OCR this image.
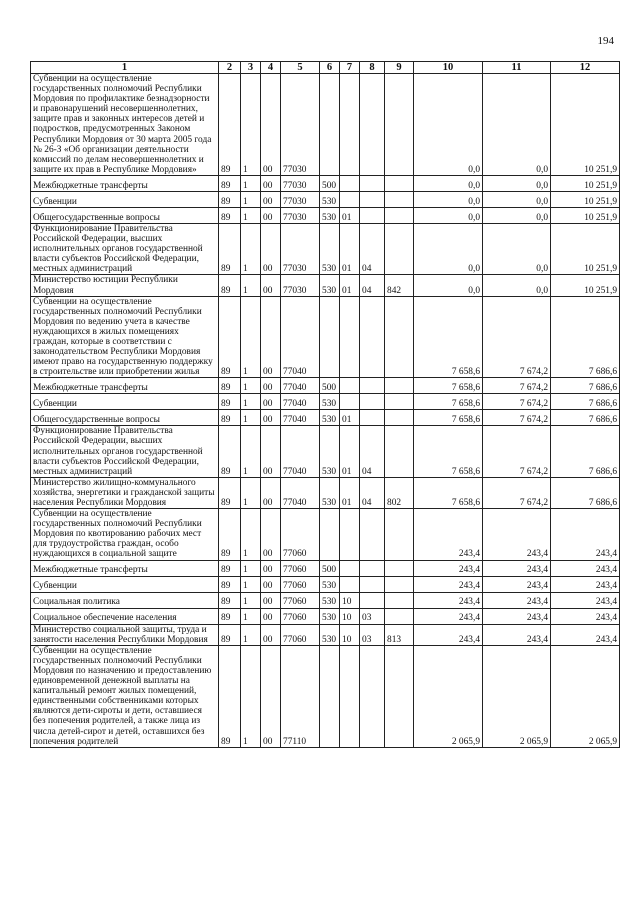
194
1	2	3	4	5	6	7	8	9	10	11	12
Субвенции на осуществление государственных полномочий Республики Мордовия по профилактике безнадзорности и правонарушений несовершеннолетних, защите прав и законных интересов детей и подростков, предусмотренных Законом Республики Мордовия от 30 марта 2005 года № 26-З «Об организации деятельности комиссий по делам несовершеннолетних и защите их прав в Республике Мордовия»	89	1	00	77030					0,0	0,0	10 251,9
Межбюджетные трансферты	89	1	00	77030	500				0,0	0,0	10 251,9
Субвенции	89	1	00	77030	530				0,0	0,0	10 251,9
Общегосударственные вопросы	89	1	00	77030	530	01			0,0	0,0	10 251,9
Функционирование Правительства Российской Федерации, высших исполнительных органов государственной власти субъектов Российской Федерации, местных администраций	89	1	00	77030	530	01	04		0,0	0,0	10 251,9
Министерство юстиции Республики Мордовия	89	1	00	77030	530	01	04	842	0,0	0,0	10 251,9
Субвенции на осуществление государственных полномочий Республики Мордовия по ведению учета в качестве нуждающихся в жилых помещениях граждан, которые в соответствии с законодательством Республики Мордовия имеют право на государственную поддержку в строительстве или приобретении жилья	89	1	00	77040					7 658,6	7 674,2	7 686,6
Межбюджетные трансферты	89	1	00	77040	500				7 658,6	7 674,2	7 686,6
Субвенции	89	1	00	77040	530				7 658,6	7 674,2	7 686,6
Общегосударственные вопросы	89	1	00	77040	530	01			7 658,6	7 674,2	7 686,6
Функционирование Правительства Российской Федерации, высших исполнительных органов государственной власти субъектов Российской Федерации, местных администраций	89	1	00	77040	530	01	04		7 658,6	7 674,2	7 686,6
Министерство жилищно-коммунального хозяйства, энергетики и гражданской защиты населения Республики Мордовия	89	1	00	77040	530	01	04	802	7 658,6	7 674,2	7 686,6
Субвенции на осуществление государственных полномочий Республики Мордовия по квотированию рабочих мест для трудоустройства граждан, особо нуждающихся в социальной защите	89	1	00	77060					243,4	243,4	243,4
Межбюджетные трансферты	89	1	00	77060	500				243,4	243,4	243,4
Субвенции	89	1	00	77060	530				243,4	243,4	243,4
Социальная политика	89	1	00	77060	530	10			243,4	243,4	243,4
Социальное обеспечение населения	89	1	00	77060	530	10	03		243,4	243,4	243,4
Министерство социальной защиты, труда и занятости населения Республики Мордовия	89	1	00	77060	530	10	03	813	243,4	243,4	243,4
Субвенции на осуществление государственных полномочий Республики Мордовия по назначению и предоставлению единовременной денежной выплаты на капитальный ремонт жилых помещений, единственными собственниками которых являются дети-сироты и дети, оставшиеся без попечения родителей, а также лица из числа детей-сирот и детей, оставшихся без попечения родителей	89	1	00	77110					2 065,9	2 065,9	2 065,9
